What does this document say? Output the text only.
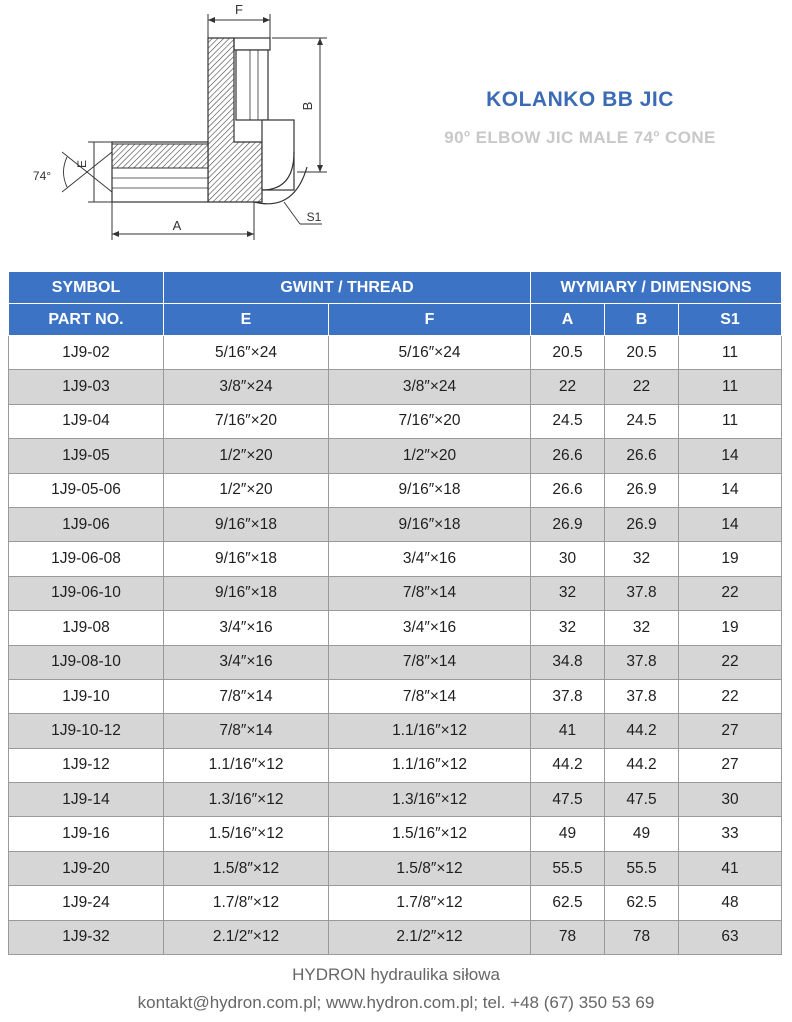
F
B
E
74°
A
S1
KOLANKO BB JIC
90$^o$ ELBOW JIC MALE 74$^o$ CONE
SYMBOL	GWINT / THREAD		WYMIARY / DIMENSIONS		
PART NO.	E	F	A	B	S1
1J9-02	5/16″×24	5/16″×24	20.5	20.5	11
1J9-03	3/8″×24	3/8″×24	22	22	11
1J9-04	7/16″×20	7/16″×20	24.5	24.5	11
1J9-05	1/2″×20	1/2″×20	26.6	26.6	14
1J9-05-06	1/2″×20	9/16″×18	26.6	26.9	14
1J9-06	9/16″×18	9/16″×18	26.9	26.9	14
1J9-06-08	9/16″×18	3/4″×16	30	32	19
1J9-06-10	9/16″×18	7/8″×14	32	37.8	22
1J9-08	3/4″×16	3/4″×16	32	32	19
1J9-08-10	3/4″×16	7/8″×14	34.8	37.8	22
1J9-10	7/8″×14	7/8″×14	37.8	37.8	22
1J9-10-12	7/8″×14	1.1/16″×12	41	44.2	27
1J9-12	1.1/16″×12	1.1/16″×12	44.2	44.2	27
1J9-14	1.3/16″×12	1.3/16″×12	47.5	47.5	30
1J9-16	1.5/16″×12	1.5/16″×12	49	49	33
1J9-20	1.5/8″×12	1.5/8″×12	55.5	55.5	41
1J9-24	1.7/8″×12	1.7/8″×12	62.5	62.5	48
1J9-32	2.1/2″×12	2.1/2″×12	78	78	63
HYDRON hydraulika siłowa
kontakt@hydron.com.pl; www.hydron.com.pl; tel. +48 (67) 350 53 69
